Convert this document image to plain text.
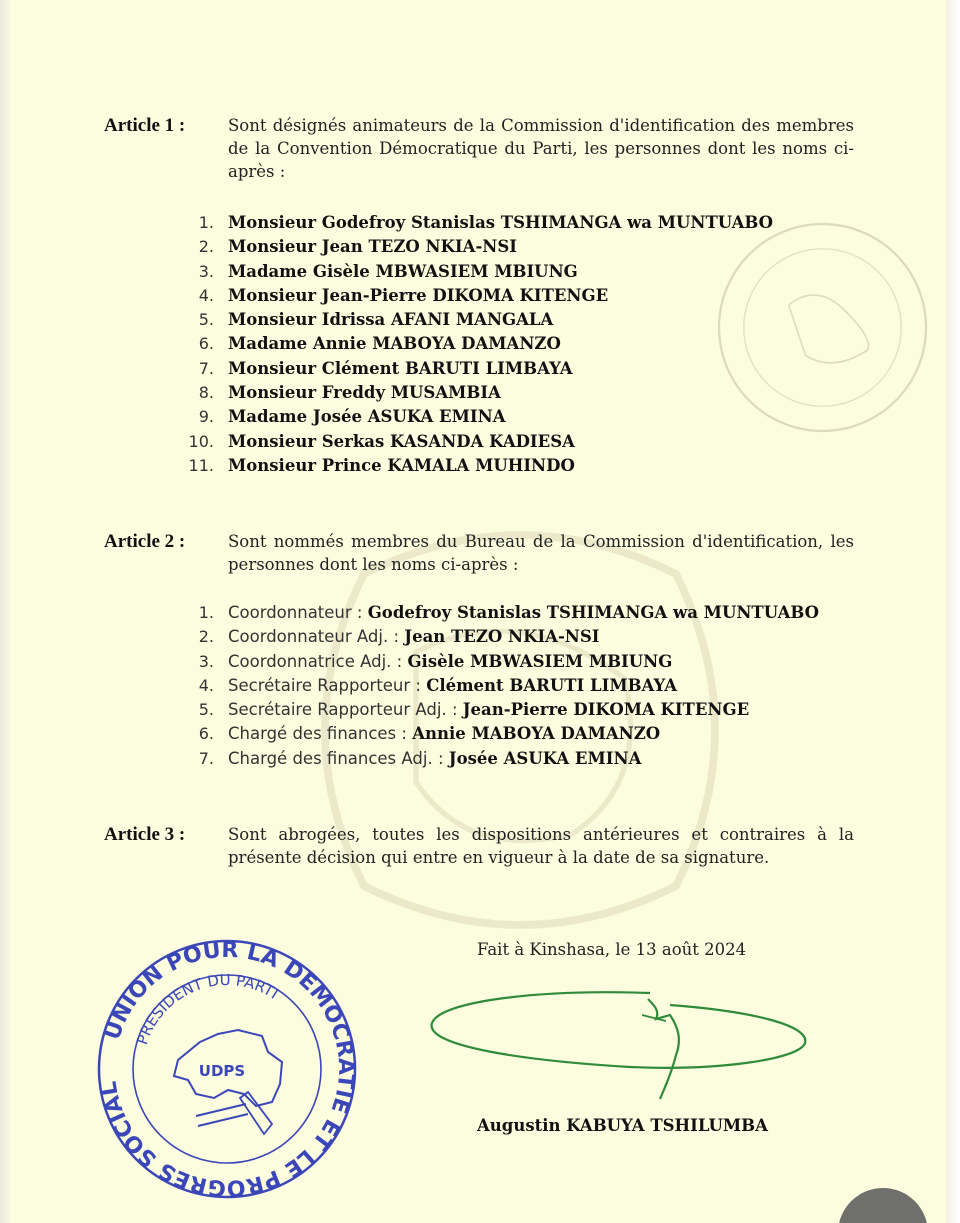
Article 1 :	Sont désignés animateurs de la Commission d'identification des membres de la Convention Démocratique du Parti, les personnes dont les noms ci-après :
1. Monsieur Godefroy Stanislas TSHIMANGA wa MUNTUABO
2. Monsieur Jean TEZO NKIA-NSI
3. Madame Gisèle MBWASIEM MBIUNG
4. Monsieur Jean-Pierre DIKOMA KITENGE
5. Monsieur Idrissa AFANI MANGALA
6. Madame Annie MABOYA DAMANZO
7. Monsieur Clément BARUTI LIMBAYA
8. Monsieur Freddy MUSAMBIA
9. Madame Josée ASUKA EMINA
10. Monsieur Serkas KASANDA KADIESA
11. Monsieur Prince KAMALA MUHINDO
Article 2 :	Sont nommés membres du Bureau de la Commission d'identification, les personnes dont les noms ci-après :
1. Coordonnateur : Godefroy Stanislas TSHIMANGA wa MUNTUABO
2. Coordonnateur Adj. : Jean TEZO NKIA-NSI
3. Coordonnatrice Adj. : Gisèle MBWASIEM MBIUNG
4. Secrétaire Rapporteur : Clément BARUTI LIMBAYA
5. Secrétaire Rapporteur Adj. : Jean-Pierre DIKOMA KITENGE
6. Chargé des finances : Annie MABOYA DAMANZO
7. Chargé des finances Adj. : Josée ASUKA EMINA
Article 3 :	Sont abrogées, toutes les dispositions antérieures et contraires à la présente décision qui entre en vigueur à la date de sa signature.
Fait à Kinshasa, le 13 août 2024
Augustin KABUYA TSHILUMBA
UNION POUR LA DEMOCRATIE ET LE PROGRES SOCIAL
PRESIDENT DU PARTI
UDPS
